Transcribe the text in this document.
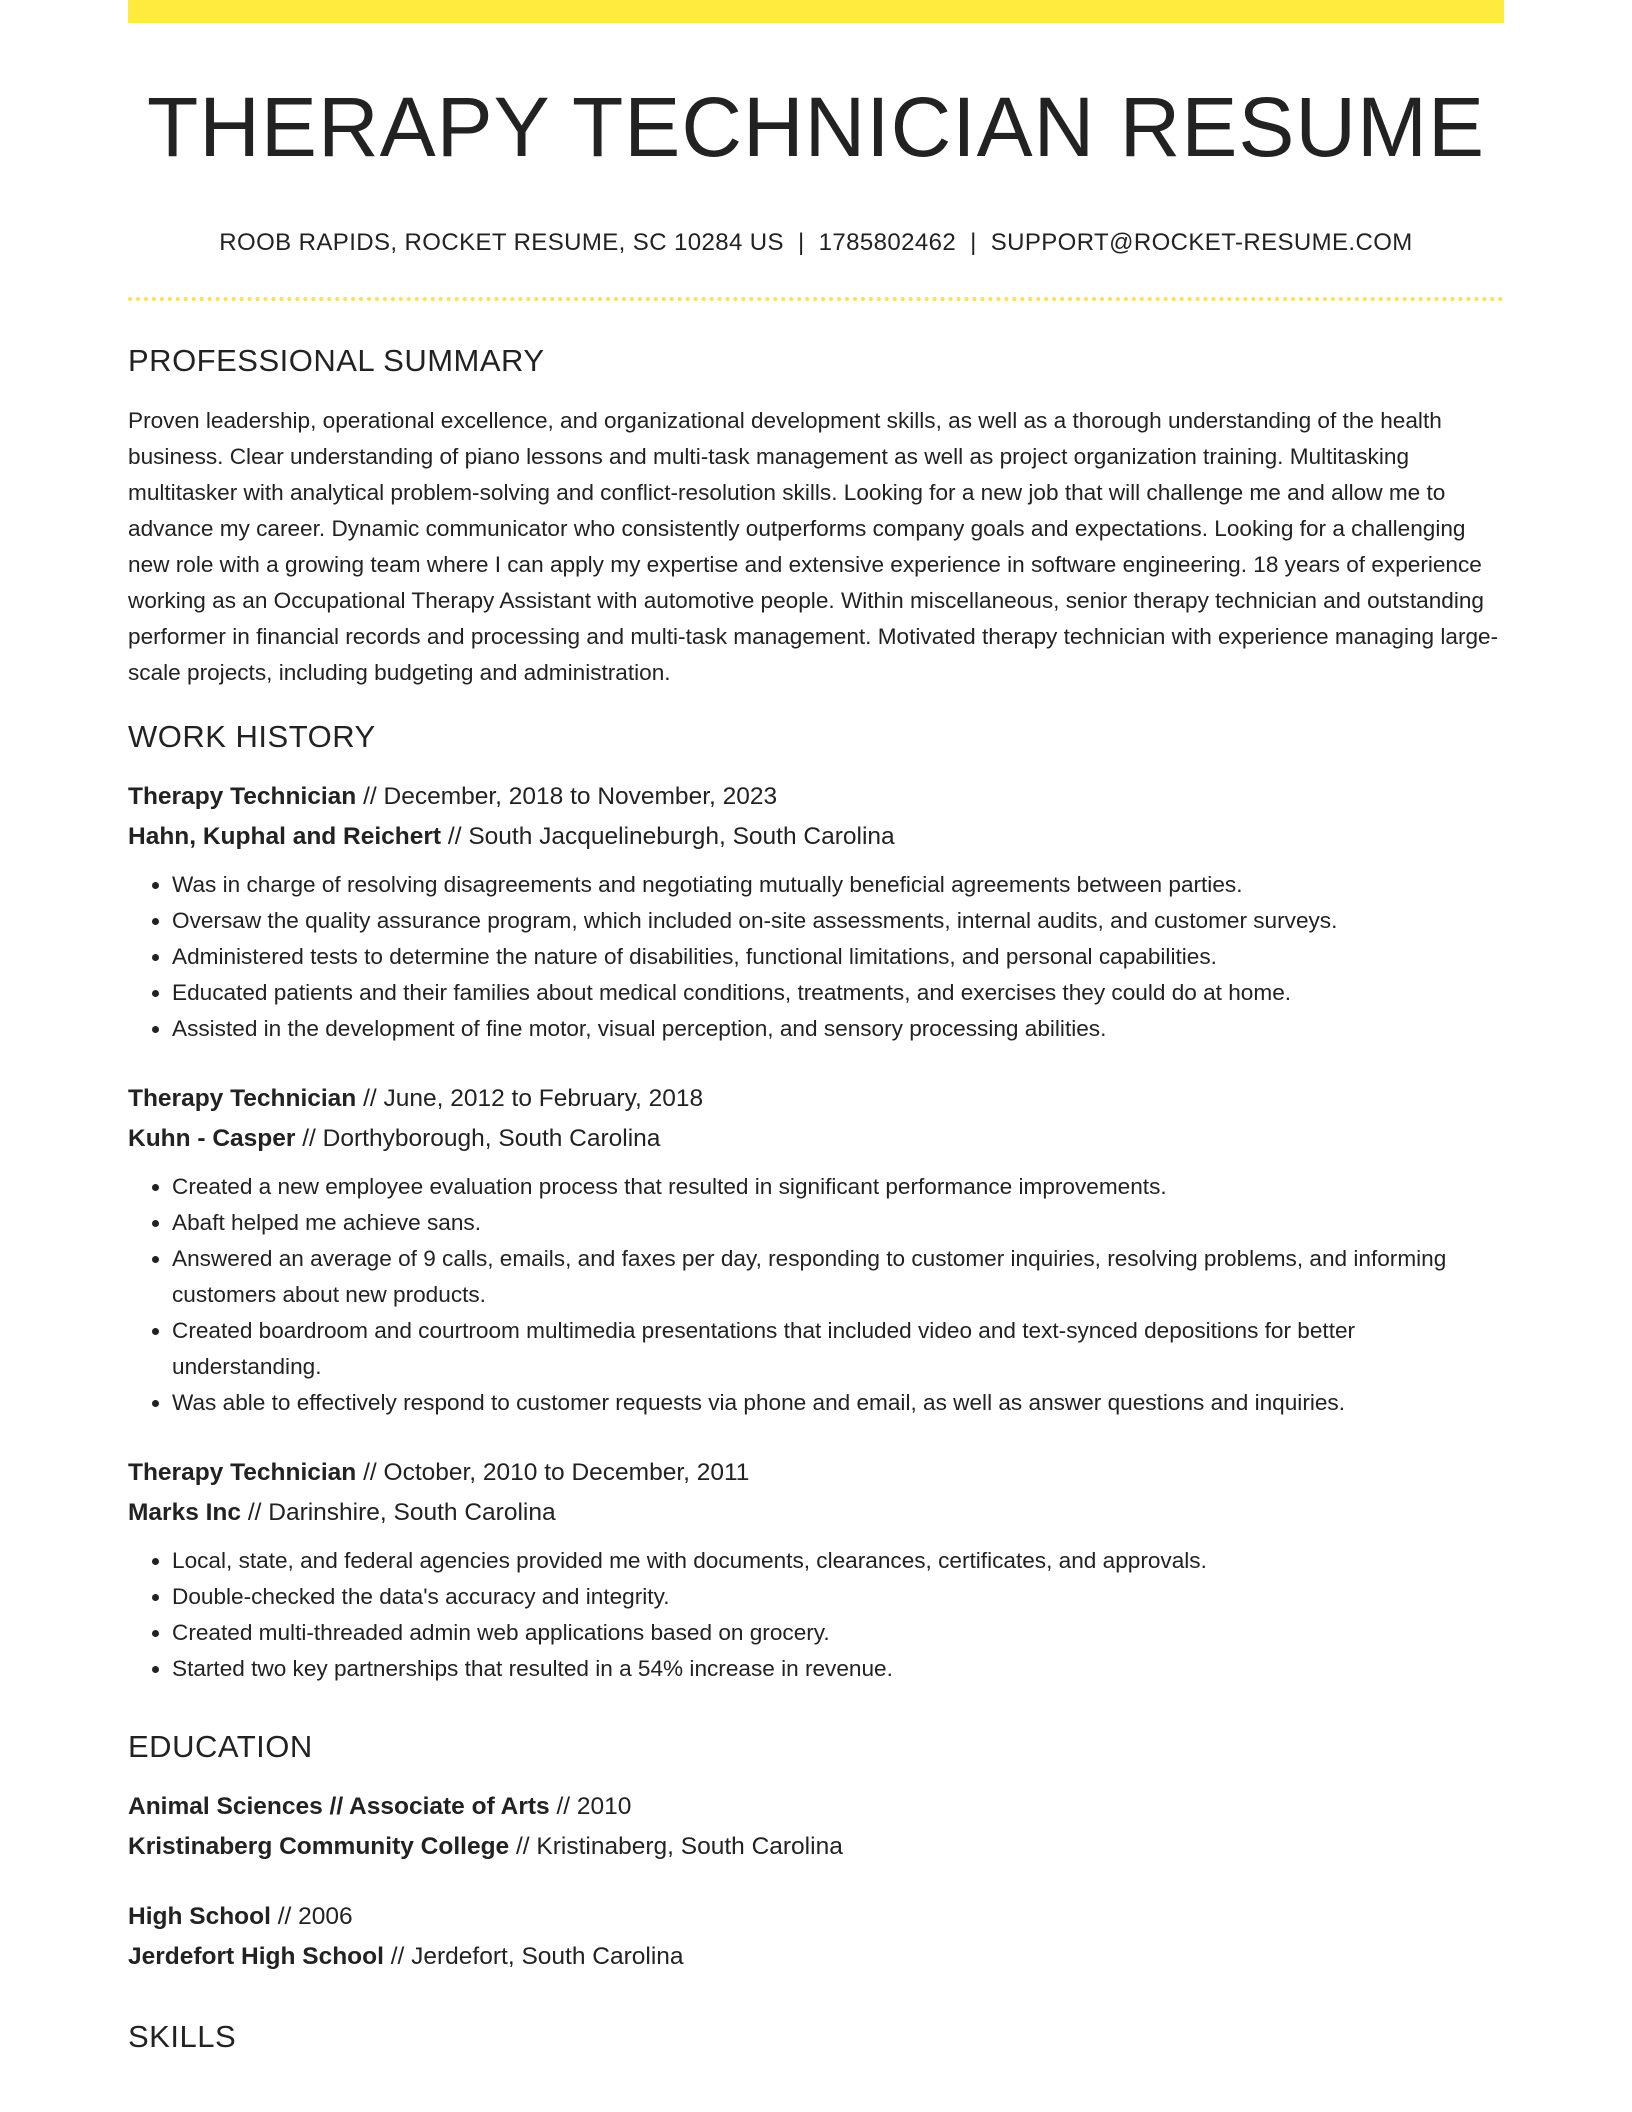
THERAPY TECHNICIAN RESUME
ROOB RAPIDS, ROCKET RESUME, SC 10284 US | 1785802462 | SUPPORT@ROCKET-RESUME.COM
PROFESSIONAL SUMMARY

Proven leadership, operational excellence, and organizational development skills, as well as a thorough understanding of the health business. Clear understanding of piano lessons and multi-task management as well as project organization training. Multitasking multitasker with analytical problem-solving and conflict-resolution skills. Looking for a new job that will challenge me and allow me to advance my career. Dynamic communicator who consistently outperforms company goals and expectations. Looking for a challenging new role with a growing team where I can apply my expertise and extensive experience in software engineering. 18 years of experience working as an Occupational Therapy Assistant with automotive people. Within miscellaneous, senior therapy technician and outstanding performer in financial records and processing and multi-task management. Motivated therapy technician with experience managing large-scale projects, including budgeting and administration.

WORK HISTORY
Therapy Technician // December, 2018 to November, 2023
Hahn, Kuphal and Reichert // South Jacquelineburgh, South Carolina
• Was in charge of resolving disagreements and negotiating mutually beneficial agreements between parties.
• Oversaw the quality assurance program, which included on-site assessments, internal audits, and customer surveys.
• Administered tests to determine the nature of disabilities, functional limitations, and personal capabilities.
• Educated patients and their families about medical conditions, treatments, and exercises they could do at home.
• Assisted in the development of fine motor, visual perception, and sensory processing abilities.
Therapy Technician // June, 2012 to February, 2018
Kuhn - Casper // Dorthyborough, South Carolina
• Created a new employee evaluation process that resulted in significant performance improvements.
• Abaft helped me achieve sans.
• Answered an average of 9 calls, emails, and faxes per day, responding to customer inquiries, resolving problems, and informing customers about new products.
• Created boardroom and courtroom multimedia presentations that included video and text-synced depositions for better understanding.
• Was able to effectively respond to customer requests via phone and email, as well as answer questions and inquiries.
Therapy Technician // October, 2010 to December, 2011
Marks Inc // Darinshire, South Carolina
• Local, state, and federal agencies provided me with documents, clearances, certificates, and approvals.
• Double-checked the data's accuracy and integrity.
• Created multi-threaded admin web applications based on grocery.
• Started two key partnerships that resulted in a 54% increase in revenue.
EDUCATION
Animal Sciences // Associate of Arts // 2010
Kristinaberg Community College // Kristinaberg, South Carolina
High School // 2006
Jerdefort High School // Jerdefort, South Carolina
SKILLS
